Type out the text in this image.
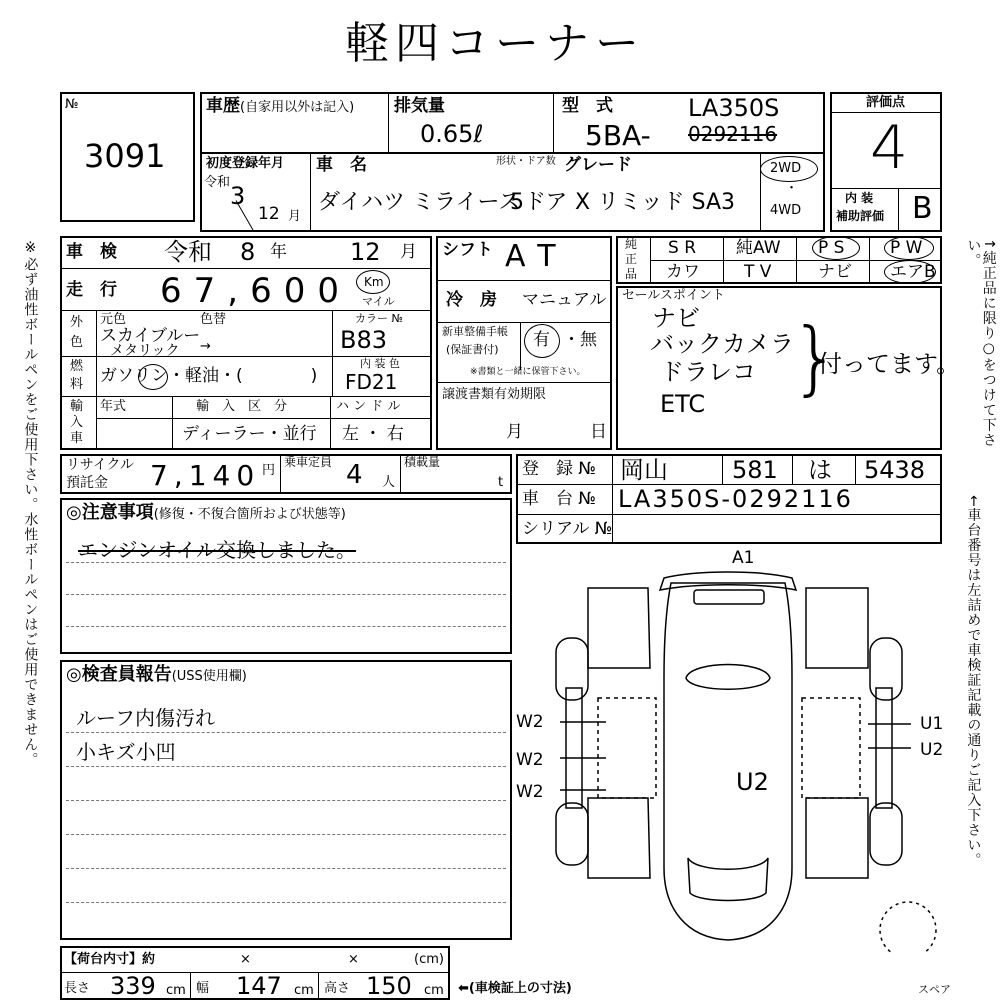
軽四コーナー
※必ず油性ボールペンをご使用下さい。水性ボールペンはご使用できません。	↑純正品に限り○をつけて下さい。
←車台番号は左詰めで車検証記載の通りご記入下さい。
№
3091
車歴(自家用以外は記入) 排気量
0.65ℓ
型　式	LA350S
5BA- 0292116
初度登録年月
令和 3
12 月
車　名
ダイハツ ミライース
形状・ドア数
5ドア
グレード
X リミッド SA3
2WD
・
4WD
評価点
4
内 装
補助評価 B
車　検 令和 8 年	12 月
走　行 67,600 Km
マイル
外
色
元色	色替
スカイブルー
メタリック →
カラー №
B83
燃
料 ガソリン・軽油・(　　　　)
内 装 色
FD21
輸
入
車
年式	輸　入　区　分
ディーラー・並行
ハ ン ド ル
左 ・ 右
シフト AT
冷　房 マニュアル
新車整備手帳
(保証書付) 有 ・ 無
※書類と一緒に保管下さい。
譲渡書類有効期限
月	日
純
正
品
S R 純AW P S	P W
カワ	T V	ナビ エアB
セールスポイント
ナビ
バックカメラ
ドラレコ
ETC }
付ってます。
リサイクル
預託金 7,140 円
乗車定員 4 人
積載量
t
登　録 № 岡山	581 は 5438
車　台 № LA350S-0292116
シリアル №
◎注意事項(修復・不復合箇所および状態等)
エンジンオイル交換しました。
◎検査員報告(USS使用欄)
ルーフ内傷汚れ
小キズ小凹
A1
W2
W2
W2
U1
U2
U2
スペア
【荷台内寸】約	×	×	(cm)
長さ 339 cm 幅 147 cm 高さ 150 cm ⬅(車検証上の寸法)
